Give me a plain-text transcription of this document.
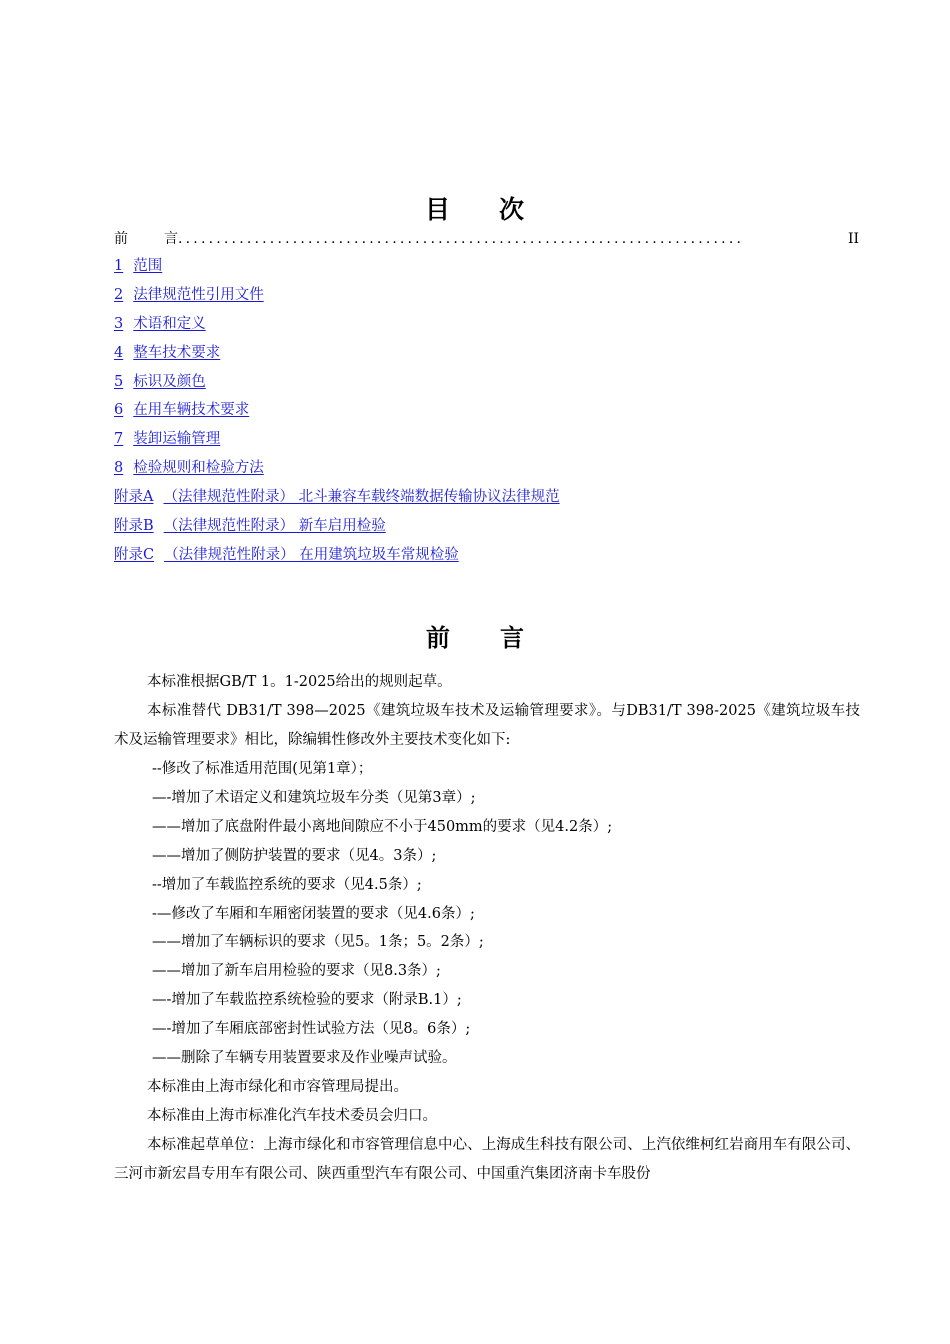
目 次
前	言 ..........................................................................	II
1 范围
2 法律规范性引用文件
3 术语和定义
4 整车技术要求
5 标识及颜色
6 在用车辆技术要求
7 装卸运输管理
8 检验规则和检验方法
附录A （法律规范性附录） 北斗兼容车载终端数据传输协议法律规范
附录B （法律规范性附录） 新车启用检验
附录C （法律规范性附录） 在用建筑垃圾车常规检验
前 言

本标准根据GB/T 1。1-2025给出的规则起草。

本标准替代 DB31/T 398—2025《建筑垃圾车技术及运输管理要求》。与DB31/T 398-2025《建筑垃圾车技术及运输管理要求》相比，除编辑性修改外主要技术变化如下:

--修改了标准适用范围(见第1章）；

—-增加了术语定义和建筑垃圾车分类（见第3章）;

——增加了底盘附件最小离地间隙应不小于450mm的要求（见4.2条）;

——增加了侧防护装置的要求（见4。3条）;

--增加了车载监控系统的要求（见4.5条）;

-—修改了车厢和车厢密闭装置的要求（见4.6条）;

——增加了车辆标识的要求（见5。1条；5。2条）;

——增加了新车启用检验的要求（见8.3条）;

—-增加了车载监控系统检验的要求（附录B.1）;

—-增加了车厢底部密封性试验方法（见8。6条）;

——删除了车辆专用装置要求及作业噪声试验。

本标准由上海市绿化和市容管理局提出。

本标准由上海市标准化汽车技术委员会归口。

本标准起草单位：上海市绿化和市容管理信息中心、上海成生科技有限公司、上汽依维柯红岩商用车有限公司、三河市新宏昌专用车有限公司、陕西重型汽车有限公司、中国重汽集团济南卡车股份
